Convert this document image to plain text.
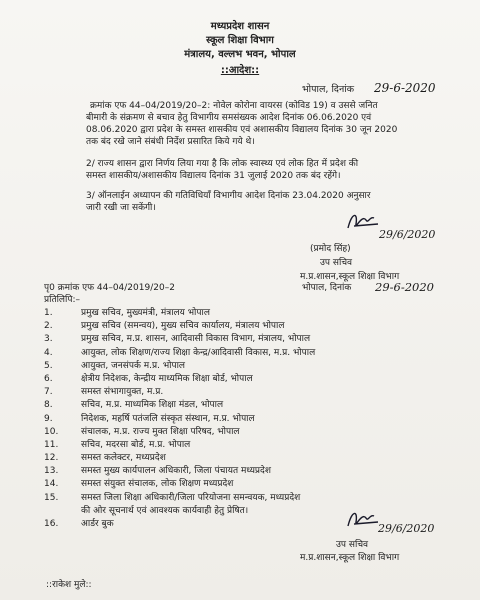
मध्यप्रदेश शासन
स्कूल शिक्षा विभाग
मंत्रालय, वल्लभ भवन, भोपाल
::आदेश::
भोपाल, दिनांक 29-6-2020
क्रमांक एफ 44–04/2019/20–2: नोवेल कोरोना वायरस (कोविड 19) व उससे जनित
बीमारी के संक्रमण से बचाव हेतु विभागीय समसंख्यक आदेश दिनांक 06.06.2020 एवं
08.06.2020 द्वारा प्रदेश के समस्त शासकीय एवं अशासकीय विद्यालय दिनांक 30 जून 2020
तक बंद रखे जाने संबंधी निर्देश प्रसारित किये गये थे।
2/ राज्य शासन द्वारा निर्णय लिया गया है कि लोक स्वास्थ्य एवं लोक हित में प्रदेश की
समस्त शासकीय/अशासकीय विद्यालय दिनांक 31 जुलाई 2020 तक बंद रहेंगे।
3/ ऑनलाईन अध्यापन की गतिविधियॉं विभागीय आदेश दिनांक 23.04.2020 अनुसार
जारी रखी जा सकेंगी।
29/6/2020
(प्रमोद सिंह)
उप सचिव
म.प्र.शासन,स्कूल शिक्षा विभाग
पृ0 क्रमांक एफ 44–04/2019/20–2	भोपाल, दिनांक 29-6-2020
प्रतिलिपि:–
1.	प्रमुख सचिव, मुख्यमंत्री, मंत्रालय भोपाल
2.	प्रमुख सचिव (समन्वय), मुख्य सचिव कार्यालय, मंत्रालय भोपाल
3.	प्रमुख सचिव, म.प्र. शासन, आदिवासी विकास विभाग, मंत्रालय, भोपाल
4.	आयुक्त, लोक शिक्षण/राज्य शिक्षा केन्द्र/आदिवासी विकास, म.प्र. भोपाल
5.	आयुक्त, जनसंपर्क म.प्र. भोपाल
6.	क्षेत्रीय निदेशक, केन्द्रीय माध्यमिक शिक्षा बोर्ड, भोपाल
7.	समस्त संभागायुक्त, म.प्र.
8.	सचिव, म.प्र. माध्यमिक शिक्षा मंडल, भोपाल
9.	निदेशक, महर्षि पतंजलि संस्कृत संस्थान, म.प्र. भोपाल
10.	संचालक, म.प्र. राज्य मुक्त शिक्षा परिषद, भोपाल
11.	सचिव, मदरसा बोर्ड, म.प्र. भोपाल
12.	समस्त कलेक्टर, मध्यप्रदेश
13.	समस्त मुख्य कार्यपालन अधिकारी, जिला पंचायत मध्यप्रदेश
14.	समस्त संयुक्त संचालक, लोक शिक्षण मध्यप्रदेश
15.	समस्त जिला शिक्षा अधिकारी/जिला परियोजना समन्वयक, मध्यप्रदेश
की ओर सूचनार्थ एवं आवश्यक कार्यवाही हेतु प्रेषित।
16.	आर्डर बुक	29/6/2020
उप सचिव
म.प्र.शासन,स्कूल शिक्षा विभाग
::राकेश मुले::
